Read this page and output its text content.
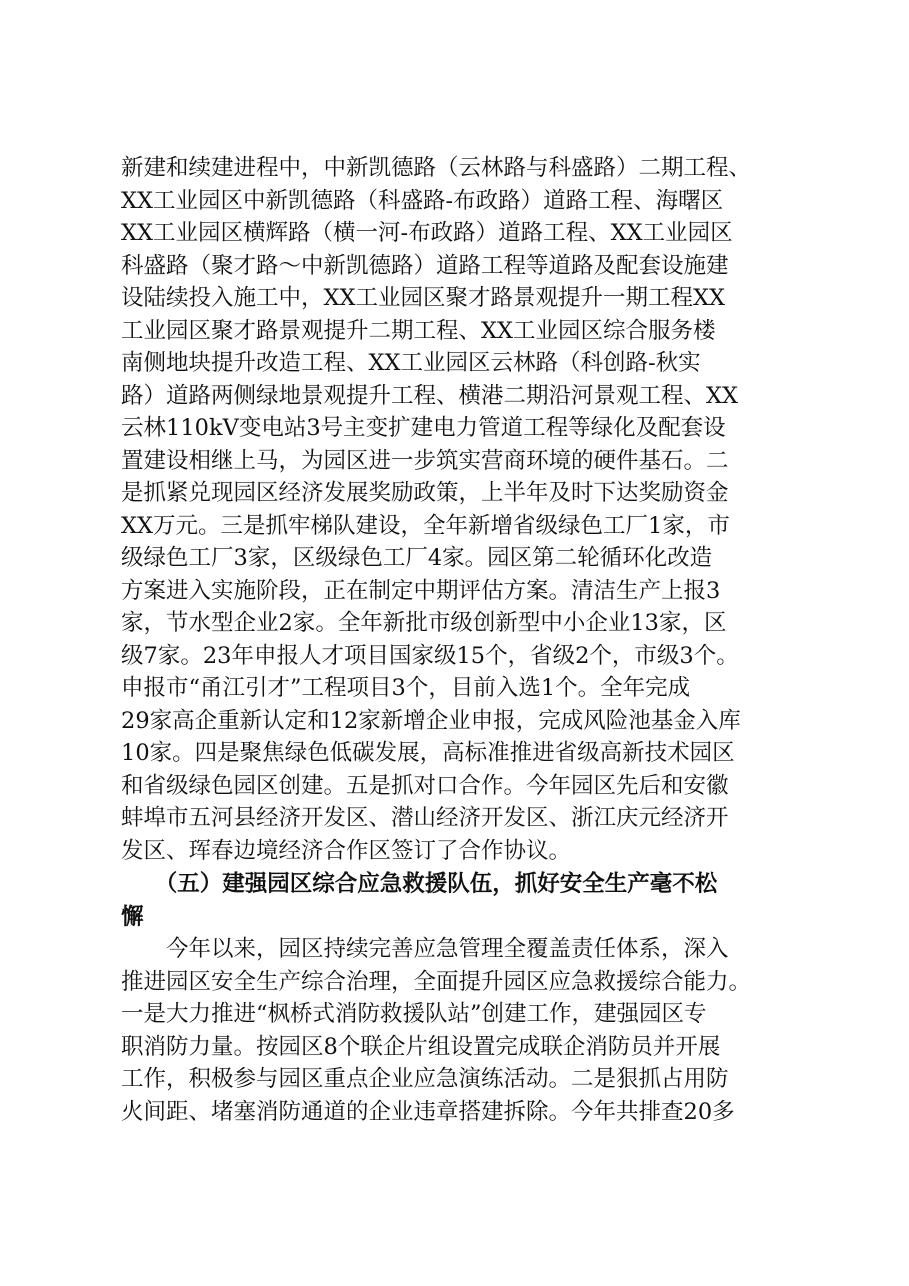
新建和续建进程中，中新凯德路（云林路与科盛路）二期工程、
XX工业园区中新凯德路（科盛路-布政路）道路工程、海曙区
XX工业园区横辉路（横一河-布政路）道路工程、XX工业园区
科盛路（聚才路～中新凯德路）道路工程等道路及配套设施建
设陆续投入施工中，XX工业园区聚才路景观提升一期工程XX
工业园区聚才路景观提升二期工程、XX工业园区综合服务楼
南侧地块提升改造工程、XX工业园区云林路（科创路-秋实
路）道路两侧绿地景观提升工程、横港二期沿河景观工程、XX
云林110kV变电站3号主变扩建电力管道工程等绿化及配套设
置建设相继上马，为园区进一步筑实营商环境的硬件基石。二
是抓紧兑现园区经济发展奖励政策，上半年及时下达奖励资金
XX万元。三是抓牢梯队建设，全年新增省级绿色工厂1家，市
级绿色工厂3家，区级绿色工厂4家。园区第二轮循环化改造
方案进入实施阶段，正在制定中期评估方案。清洁生产上报3
家，节水型企业2家。全年新批市级创新型中小企业13家，区
级7家。23年申报人才项目国家级15个，省级2个，市级3个。
申报市“甬江引才”工程项目3个，目前入选1个。全年完成
29家高企重新认定和12家新增企业申报，完成风险池基金入库
10家。四是聚焦绿色低碳发展，高标准推进省级高新技术园区
和省级绿色园区创建。五是抓对口合作。今年园区先后和安徽
蚌埠市五河县经济开发区、潜山经济开发区、浙江庆元经济开
发区、珲春边境经济合作区签订了合作协议。
　　（五）建强园区综合应急救援队伍，抓好安全生产毫不松
懈
　　今年以来，园区持续完善应急管理全覆盖责任体系，深入
推进园区安全生产综合治理，全面提升园区应急救援综合能力。
一是大力推进“枫桥式消防救援队站”创建工作，建强园区专
职消防力量。按园区8个联企片组设置完成联企消防员并开展
工作，积极参与园区重点企业应急演练活动。二是狠抓占用防
火间距、堵塞消防通道的企业违章搭建拆除。今年共排查20多
